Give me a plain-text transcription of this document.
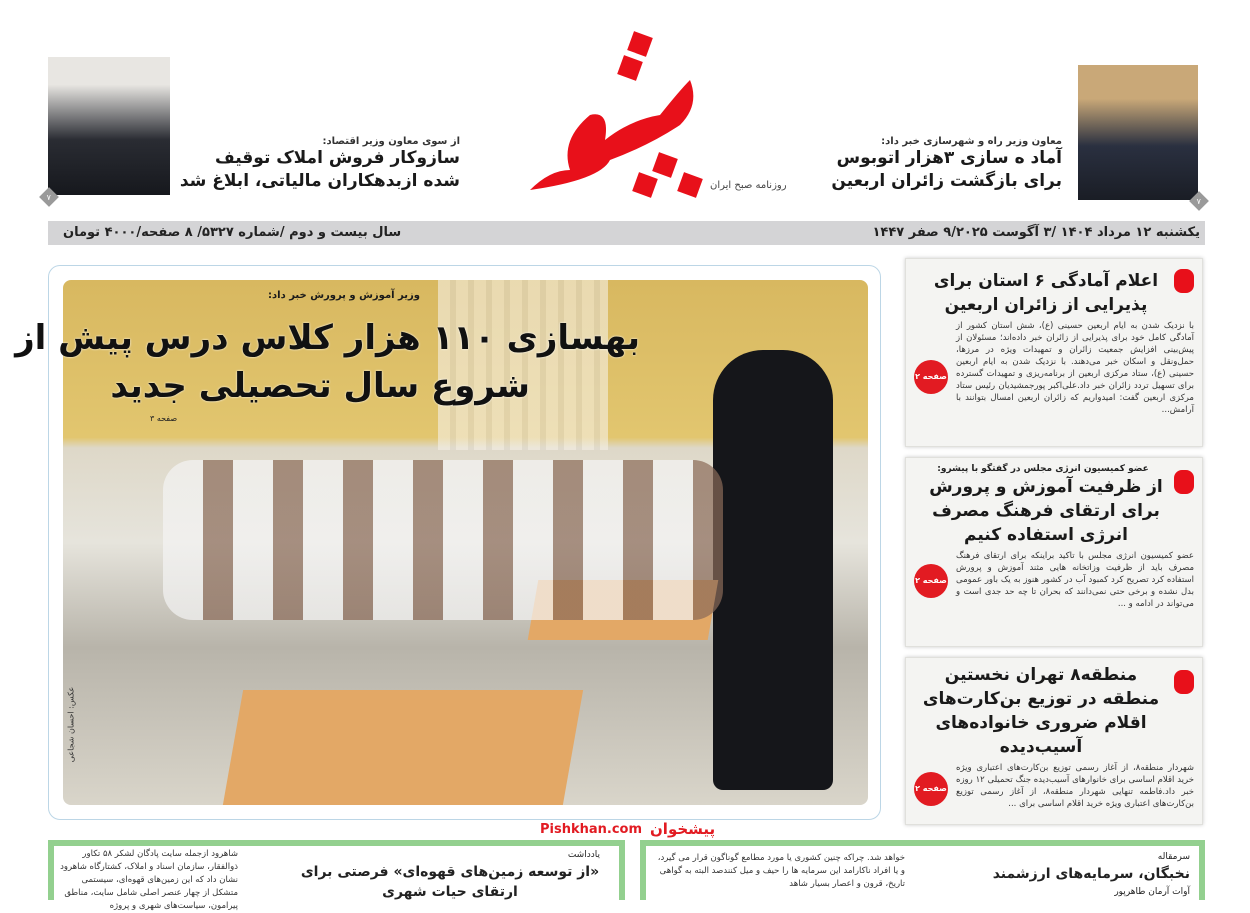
۷
از سوی معاون وزیر اقتصاد:
سازوکار فروش املاک توقیف
شده ازبدهکاران مالیاتی، ابلاغ شد	روزنامه صبح ایران
معاون وزیر راه و شهرسازی خبر داد:
آماد ه سازی ۳هزار اتوبوس
برای بازگشت زائران اربعین
۷
یکشنبه ۱۲ مرداد ۱۴۰۴ /۳ آگوست ۹/۲۰۲۵ صفر ۱۴۴۷
سال بیست و دوم /شماره ۵۳۲۷/ ۸ صفحه/۴۰۰۰ تومان
عکس: احسان شجاعی
وزیر آموزش و پرورش خبر داد:
بهسازی ۱۱۰ هزار کلاس درس پیش از
شروع سال تحصیلی جدید
صفحه ۳
اعلام آمادگی ۶ استان برای پذیرایی از زائران اربعین
صفحه ۲
با نزدیک شدن به ایام اربعین حسینی (ع)، شش استان کشور از آمادگی کامل خود برای پذیرایی از زائران خبر داده‌اند؛ مسئولان از پیش‌بینی افزایش جمعیت زائران و تمهیدات ویژه در مرزها، حمل‌ونقل و اسکان خبر می‌دهند. با نزدیک شدن به ایام اربعین حسینی (ع)، ستاد مرکزی اربعین از برنامه‌ریزی و تمهیدات گسترده برای تسهیل تردد زائران خبر داد.علی‌اکبر پورجمشیدیان رئیس ستاد مرکزی اربعین گفت: امیدواریم که زائران اربعین امسال بتوانند با آرامش...
عضو کمیسیون انرژی مجلس در گفتگو با پیشرو:
از ظرفیت آموزش و پرورش برای ارتقای فرهنگ مصرف انرژی استفاده کنیم
صفحه ۲
عضو کمیسیون انرژی مجلس با تاکید براینکه برای ارتقای فرهنگ مصرف باید از ظرفیت وزاتخانه هایی مثند آموزش و پرورش استفاده کرد تصریح کرد کمبود آب در کشور هنوز به یک باور عمومی بدل نشده و برخی حتی نمی‌دانند که بحران تا چه حد جدی است و می‌تواند در ادامه و ...
منطقه۸ تهران نخستین منطقه در توزیع بن‌کارت‌های اقلام ضروری خانواده‌های آسیب‌دیده
صفحه ۲
شهردار منطقه۸، از آغاز رسمی توزیع بن‌کارت‌های اعتباری ویژه خرید اقلام اساسی برای خانوارهای آسیب‌دیده جنگ تحمیلی ۱۲ روزه خبر داد.فاطمه تنهایی شهردار منطقه۸، از آغاز رسمی توزیع بن‌کارت‌های اعتباری ویژه خرید اقلام اساسی برای ...
پیشخوان
Pishkhan.com
شاهرود ازجمله سایت پادگان لشکر ۵۸ تکاور ذوالفقار، سازمان اسناد و املاک، کشتارگاه شاهرود نشان داد که این زمین‌های قهوه‌ای، سیستمی متشکل از چهار عنصر اصلی شامل سایت، مناطق پیرامون، سیاست‌های شهری و پروژه
یادداشت
«از توسعه زمین‌های قهوه‌ای» فرصتی برای ارتقای حیات شهری
خواهد شد. چراکه چنین کشوری یا مورد مطامع گوناگون قرار می گیرد، و یا افراد ناکارامد این سرمایه ها را حیف و میل کنندصد البته به گواهی تاریخ، قرون و اعصار بسیار شاهد
سرمقاله
نخبگان، سرمایه‌های ارزشمند
آوات آرمان طاهرپور
